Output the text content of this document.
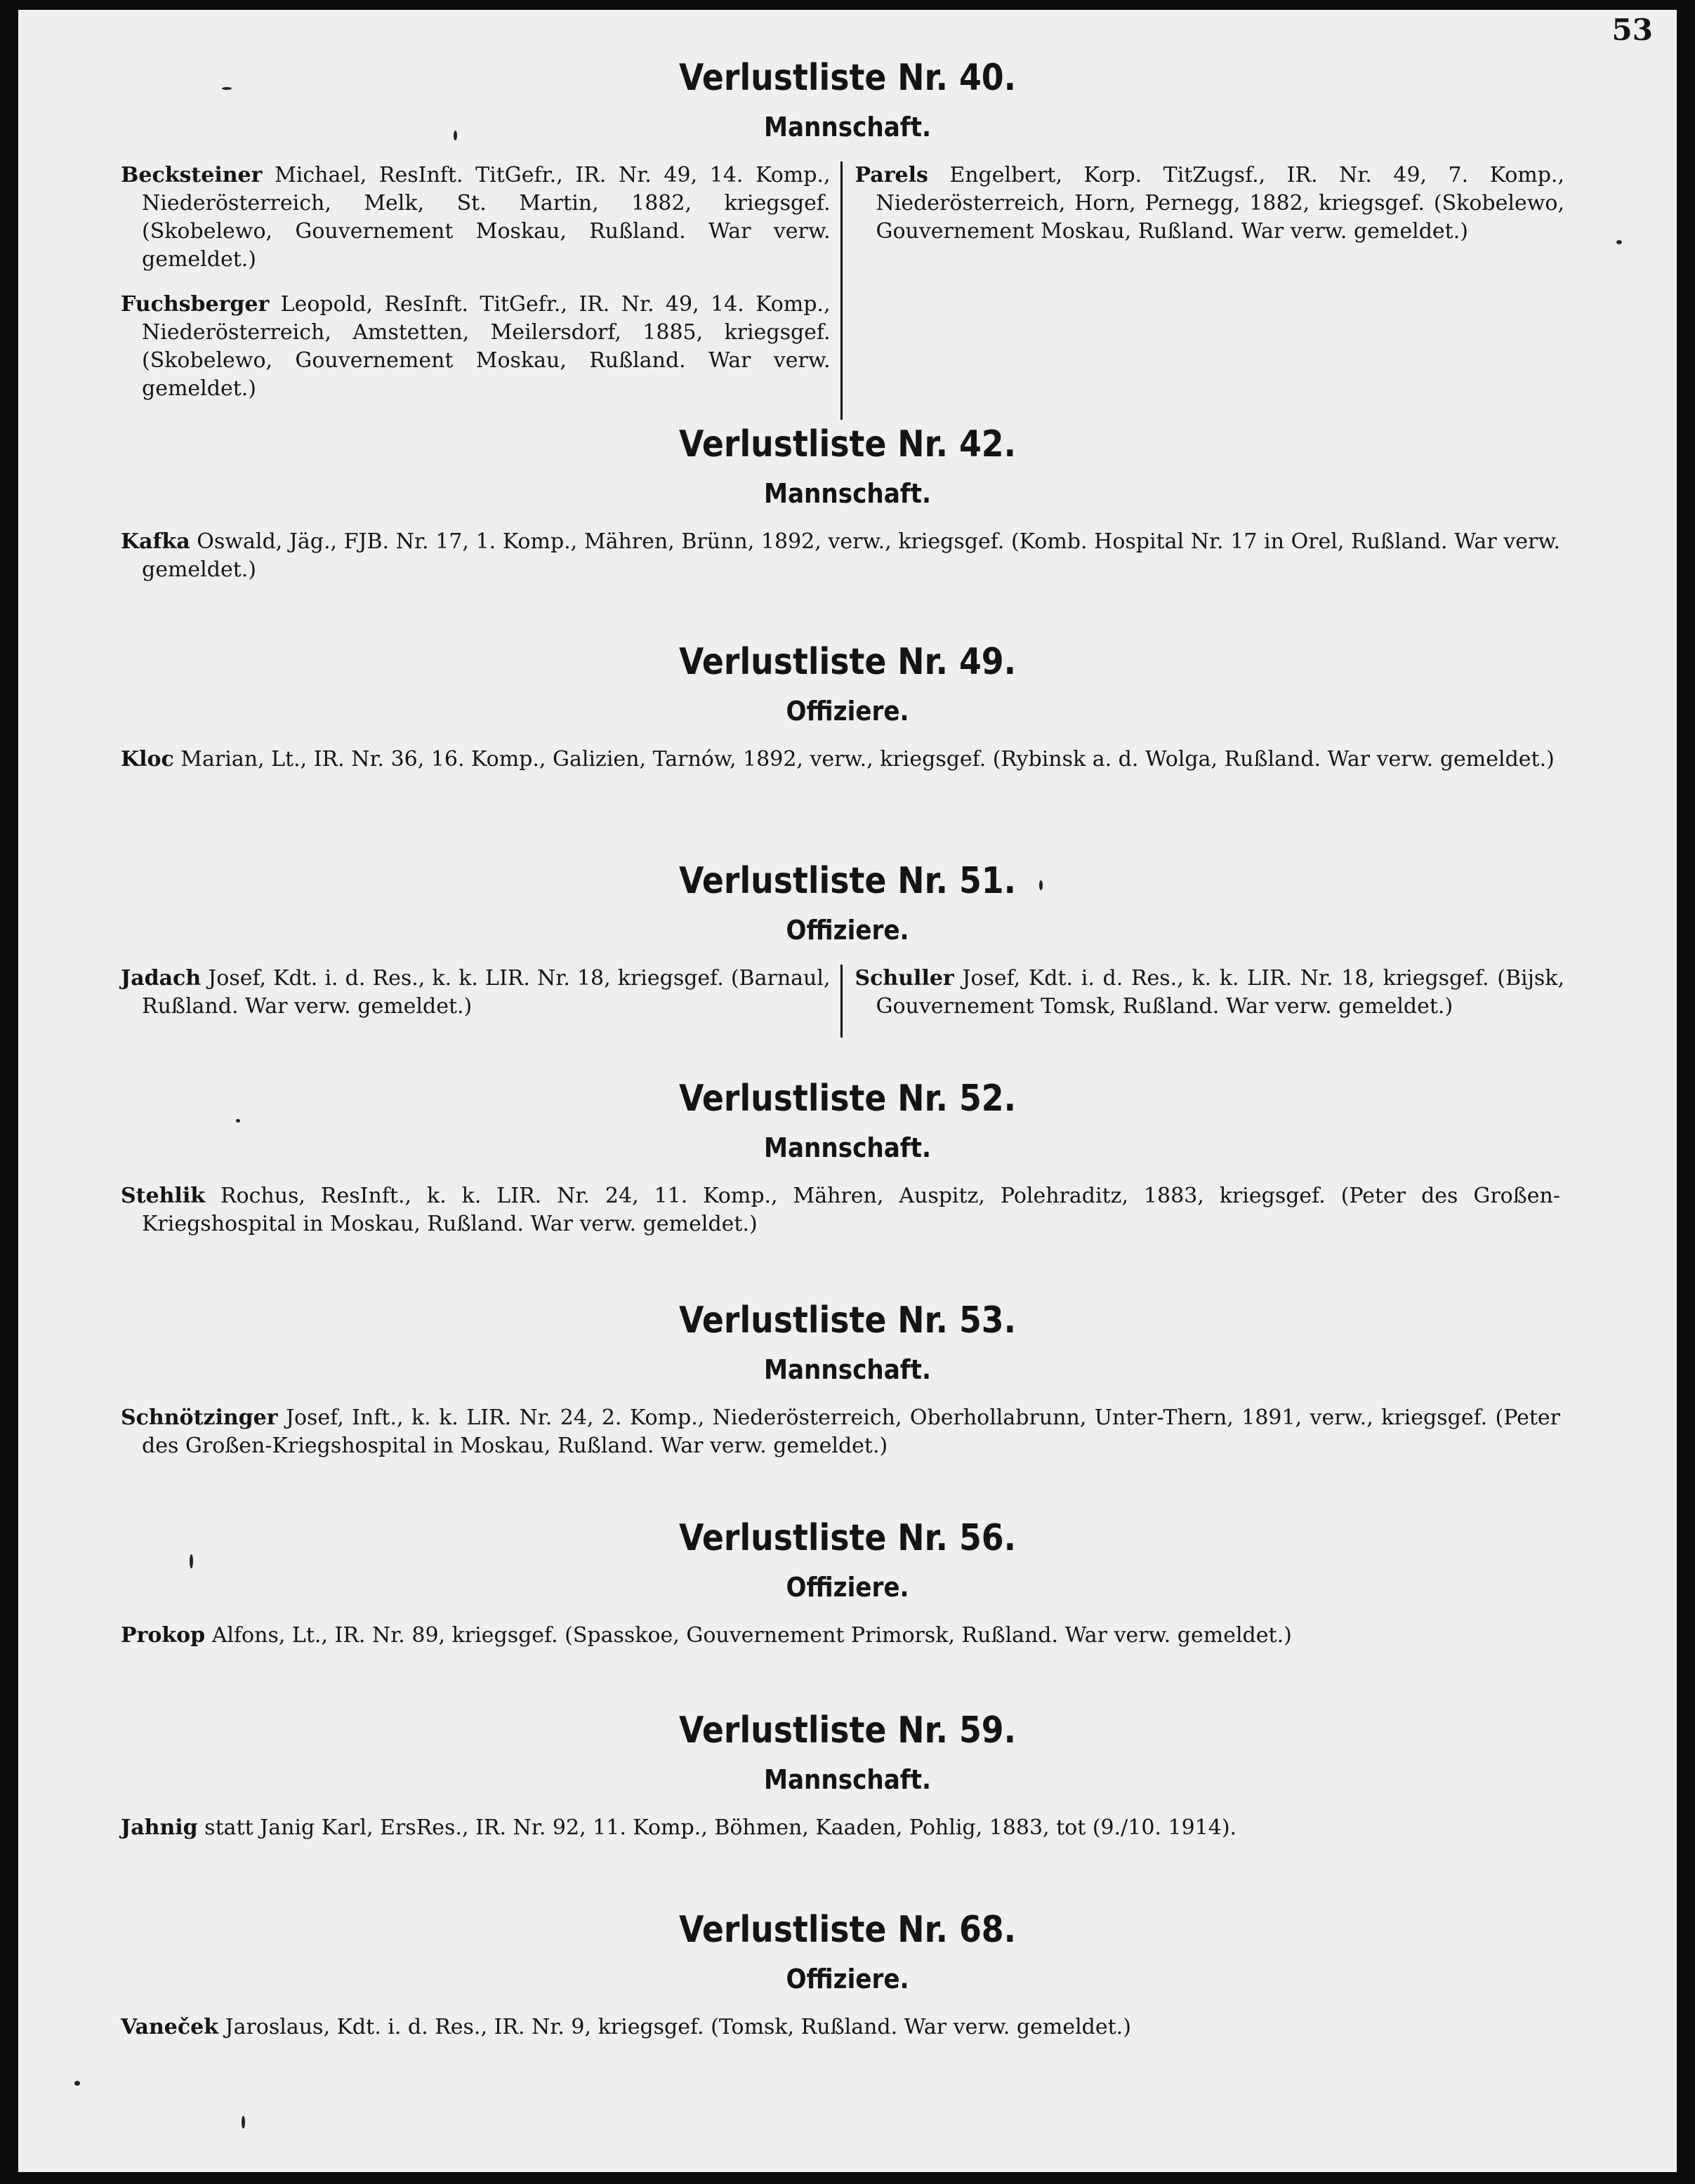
53
Verlustliste Nr. 40.
Mannschaft.

Becksteiner Michael, ResInft. TitGefr., IR. Nr. 49, 14. Komp., Niederösterreich, Melk, St. Martin, 1882, kriegsgef. (Skobelewo, Gouvernement Moskau, Rußland. War verw. gemeldet.)

Fuchsberger Leopold, ResInft. TitGefr., IR. Nr. 49, 14. Komp., Niederösterreich, Amstetten, Meilersdorf, 1885, kriegsgef. (Skobelewo, Gouvernement Moskau, Rußland. War verw. gemeldet.)

Parels Engelbert, Korp. TitZugsf., IR. Nr. 49, 7. Komp., Niederösterreich, Horn, Pernegg, 1882, kriegsgef. (Skobelewo, Gouvernement Moskau, Rußland. War verw. gemeldet.)

Verlustliste Nr. 42.
Mannschaft.

Kafka Oswald, Jäg., FJB. Nr. 17, 1. Komp., Mähren, Brünn, 1892, verw., kriegsgef. (Komb. Hospital Nr. 17 in Orel, Rußland. War verw. gemeldet.)

Verlustliste Nr. 49.
Offiziere.

Kloc Marian, Lt., IR. Nr. 36, 16. Komp., Galizien, Tarnów, 1892, verw., kriegsgef. (Rybinsk a. d. Wolga, Rußland. War verw. gemeldet.)

Verlustliste Nr. 51.
Offiziere.

Jadach Josef, Kdt. i. d. Res., k. k. LIR. Nr. 18, kriegsgef. (Barnaul, Rußland. War verw. gemeldet.)

Schuller Josef, Kdt. i. d. Res., k. k. LIR. Nr. 18, kriegsgef. (Bijsk, Gouvernement Tomsk, Rußland. War verw. gemeldet.)

Verlustliste Nr. 52.
Mannschaft.

Stehlik Rochus, ResInft., k. k. LIR. Nr. 24, 11. Komp., Mähren, Auspitz, Polehraditz, 1883, kriegsgef. (Peter des Großen-Kriegshospital in Moskau, Rußland. War verw. gemeldet.)

Verlustliste Nr. 53.
Mannschaft.

Schnötzinger Josef, Inft., k. k. LIR. Nr. 24, 2. Komp., Niederösterreich, Oberhollabrunn, Unter-Thern, 1891, verw., kriegsgef. (Peter des Großen-Kriegshospital in Moskau, Rußland. War verw. gemeldet.)

Verlustliste Nr. 56.
Offiziere.

Prokop Alfons, Lt., IR. Nr. 89, kriegsgef. (Spasskoe, Gouvernement Primorsk, Rußland. War verw. gemeldet.)

Verlustliste Nr. 59.
Mannschaft.

Jahnig statt Janig Karl, ErsRes., IR. Nr. 92, 11. Komp., Böhmen, Kaaden, Pohlig, 1883, tot (9./10. 1914).

Verlustliste Nr. 68.
Offiziere.

Vaneček Jaroslaus, Kdt. i. d. Res., IR. Nr. 9, kriegsgef. (Tomsk, Rußland. War verw. gemeldet.)
